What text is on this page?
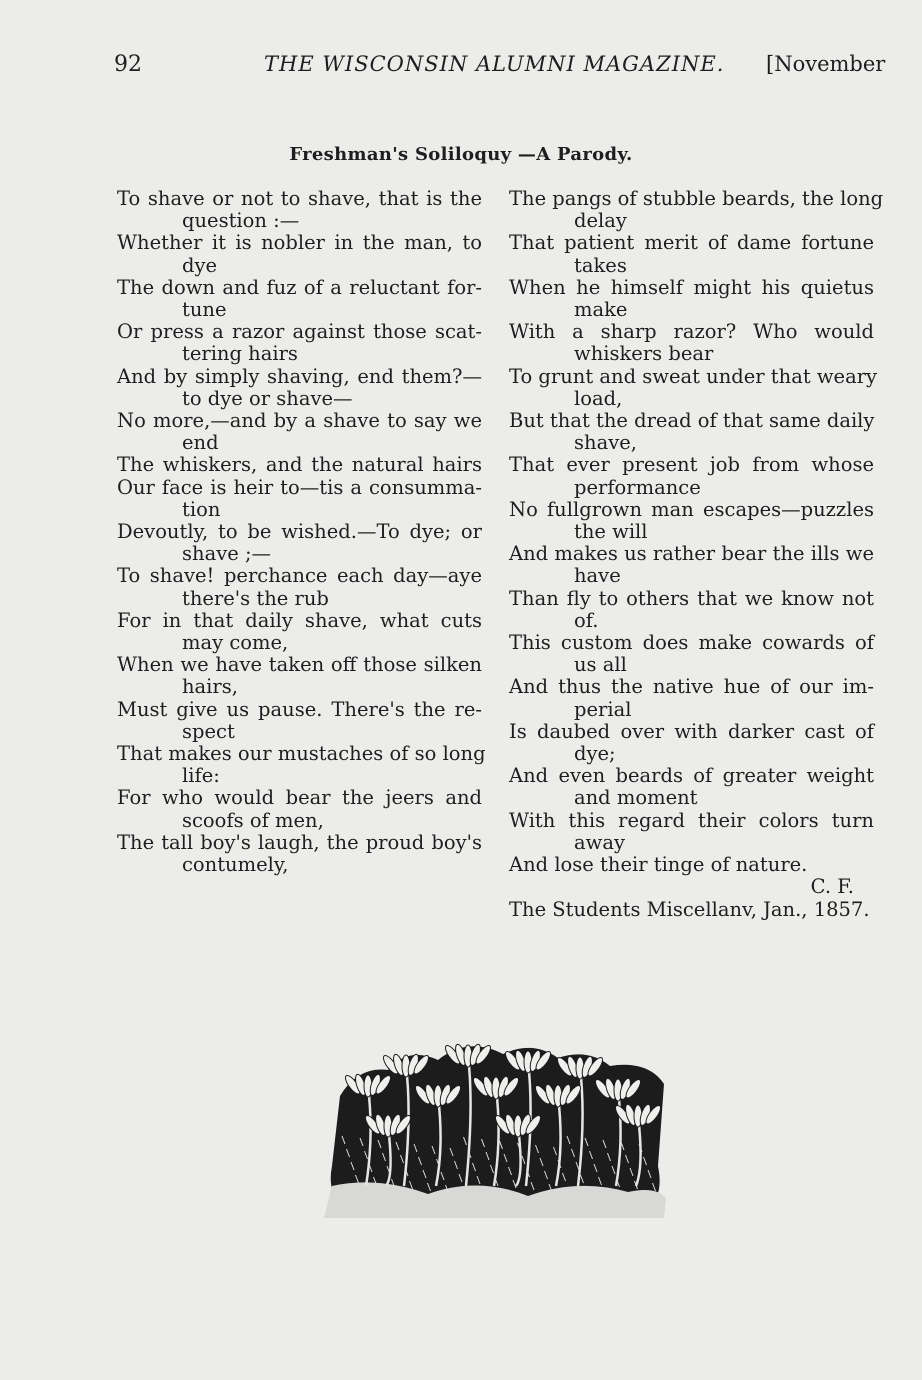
92	THE WISCONSIN ALUMNI MAGAZINE. [November
Freshman's Soliloquy —A Parody.
To shave or not to shave, that is the
question :—
Whether it is nobler in the man, to
dye
The down and fuz of a reluctant for-
tune
Or press a razor against those scat-
tering hairs
And by simply shaving, end them?—
to dye or shave—
No more,—and by a shave to say we
end
The whiskers, and the natural hairs
Our face is heir to—tis a consumma-
tion
Devoutly, to be wished.—To dye; or
shave ;—
To shave! perchance each day—aye
there's the rub
For in that daily shave, what cuts
may come,
When we have taken off those silken
hairs,
Must give us pause. There's the re-
spect
That makes our mustaches of so long
life:
For who would bear the jeers and
scoofs of men,
The tall boy's laugh, the proud boy's
contumely,
The pangs of stubble beards, the long
delay
That patient merit of dame fortune
takes
When he himself might his quietus
make
With a sharp razor? Who would
whiskers bear
To grunt and sweat under that weary
load,
But that the dread of that same daily
shave,
That ever present job from whose
performance
No fullgrown man escapes—puzzles
the will
And makes us rather bear the ills we
have
Than fly to others that we know not
of.
This custom does make cowards of
us all
And thus the native hue of our im-
perial
Is daubed over with darker cast of
dye;
And even beards of greater weight
and moment
With this regard their colors turn
away
And lose their tinge of nature.
C. F.
The Students Miscellanv, Jan., 1857.
